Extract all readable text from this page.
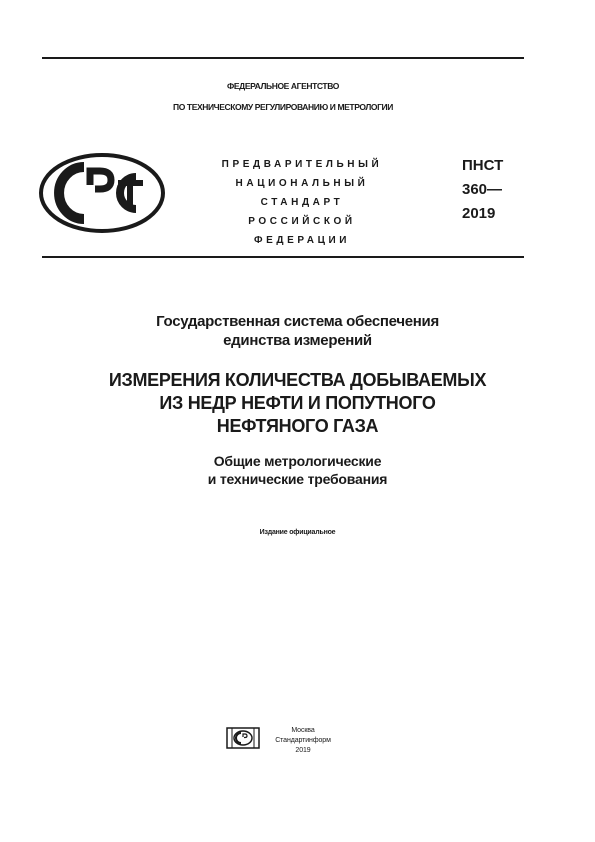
ФЕДЕРАЛЬНОЕ АГЕНТСТВО
ПО ТЕХНИЧЕСКОМУ РЕГУЛИРОВАНИЮ И МЕТРОЛОГИИ
ПРЕДВАРИТЕЛЬНЫЙ
НАЦИОНАЛЬНЫЙ
СТАНДАРТ
РОССИЙСКОЙ
ФЕДЕРАЦИИ
ПНСТ
360—
2019
Государственная система обеспечения
единства измерений
ИЗМЕРЕНИЯ КОЛИЧЕСТВА ДОБЫВАЕМЫХ
ИЗ НЕДР НЕФТИ И ПОПУТНОГО
НЕФТЯНОГО ГАЗА
Общие метрологические
и технические требования
Издание официальное
Москва
Стандартинформ
2019
